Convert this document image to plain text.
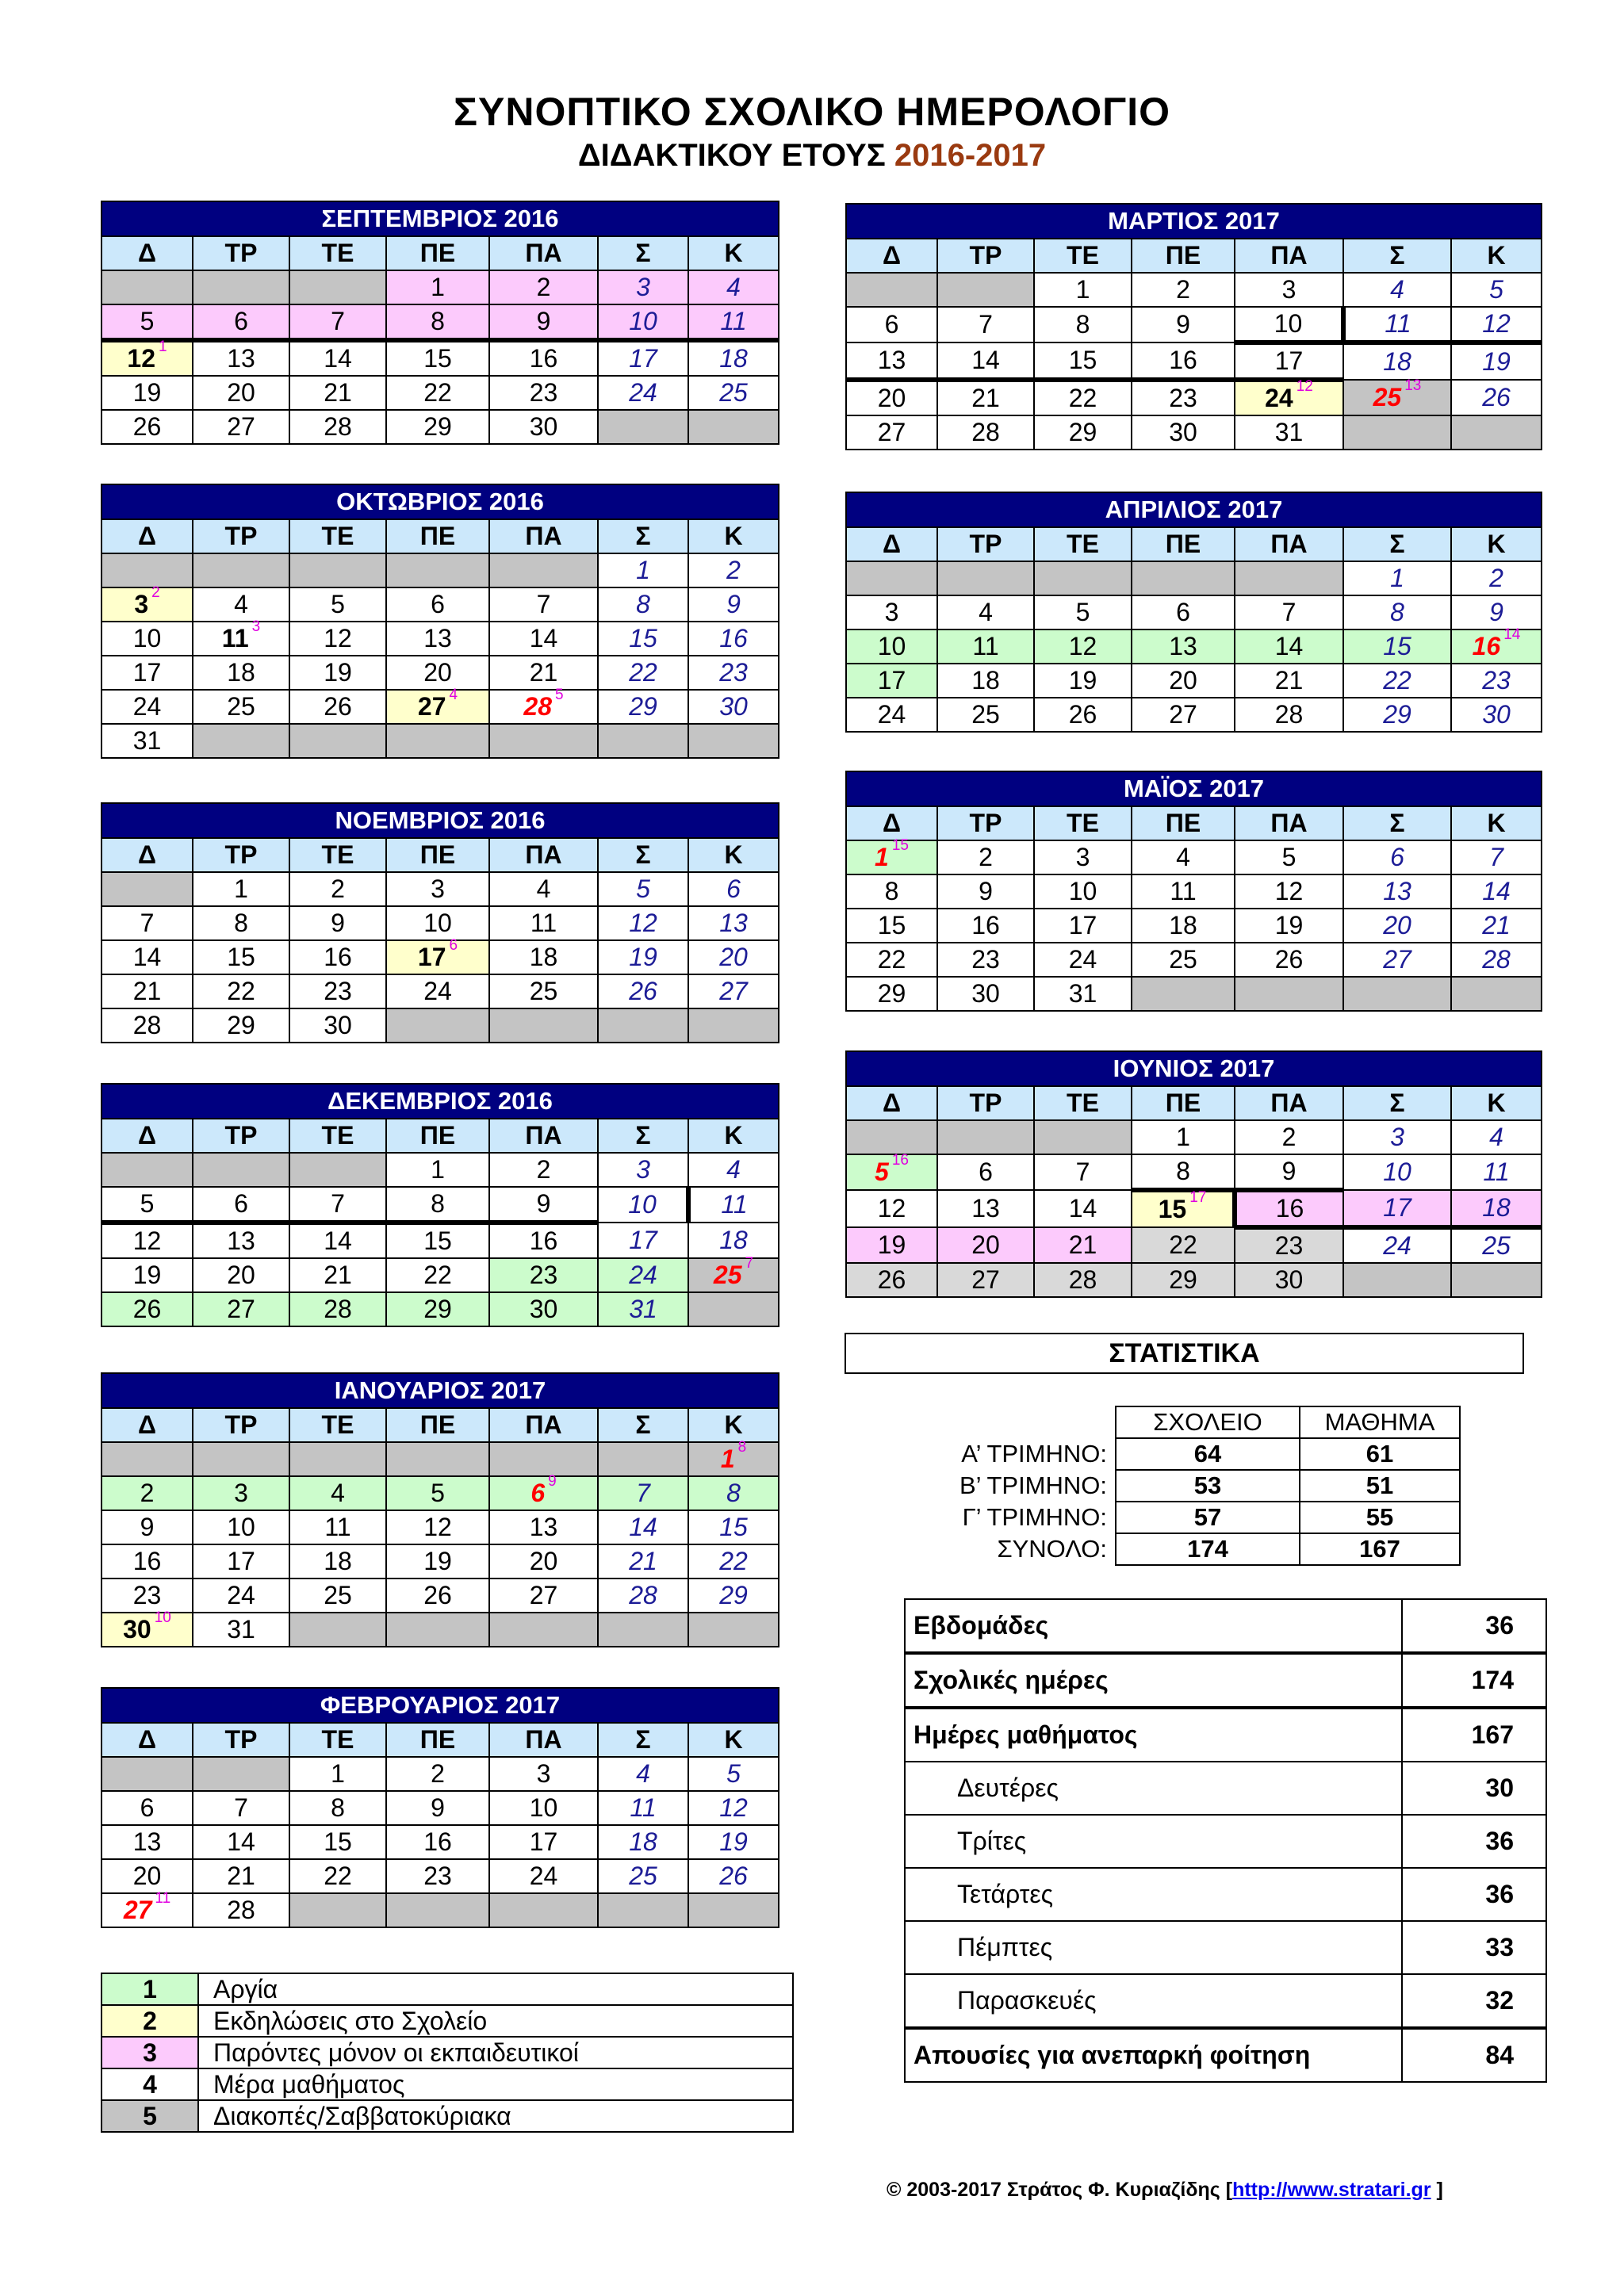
ΣΥΝΟΠΤΙΚΟ ΣΧΟΛΙΚΟ ΗΜΕΡΟΛΟΓΙΟ
ΔΙΔΑΚΤΙΚΟΥ ΕΤΟΥΣ 2016-2017
ΣΕΠΤΕΜΒΡΙΟΣ 2016						
Δ	ΤΡ	ΤΕ	ΠΕ	ΠΑ	Σ	Κ
			1	2	3	4
5	6	7	8	9	10	11
12 $^1$	13	14	15	16	17	18
19	20	21	22	23	24	25
26	27	28	29	30		
ΟΚΤΩΒΡΙΟΣ 2016						
Δ	ΤΡ	ΤΕ	ΠΕ	ΠΑ	Σ	Κ
					1	2
3 $^2$	4	5	6	7	8	9
10	11 $^3$	12	13	14	15	16
17	18	19	20	21	22	23
24	25	26	27 $^4$	28 $^5$	29	30
31						
ΝΟΕΜΒΡΙΟΣ 2016						
Δ	ΤΡ	ΤΕ	ΠΕ	ΠΑ	Σ	Κ
	1	2	3	4	5	6
7	8	9	10	11	12	13
14	15	16	17 $^6$	18	19	20
21	22	23	24	25	26	27
28	29	30				
ΔΕΚΕΜΒΡΙΟΣ 2016						
Δ	ΤΡ	ΤΕ	ΠΕ	ΠΑ	Σ	Κ
			1	2	3	4
5	6	7	8	9	10	11
12	13	14	15	16	17	18
19	20	21	22	23	24	25 $^7$
26	27	28	29	30	31	
ΙΑΝΟΥΑΡΙΟΣ 2017						
Δ	ΤΡ	ΤΕ	ΠΕ	ΠΑ	Σ	Κ
						1 $^8$
2	3	4	5	6 $^9$	7	8
9	10	11	12	13	14	15
16	17	18	19	20	21	22
23	24	25	26	27	28	29
30 $^{10}$	31					
ΦΕΒΡΟΥΑΡΙΟΣ 2017						
Δ	ΤΡ	ΤΕ	ΠΕ	ΠΑ	Σ	Κ
		1	2	3	4	5
6	7	8	9	10	11	12
13	14	15	16	17	18	19
20	21	22	23	24	25	26
27 $^{11}$	28					
ΜΑΡΤΙΟΣ 2017						
Δ	ΤΡ	ΤΕ	ΠΕ	ΠΑ	Σ	Κ
		1	2	3	4	5
6	7	8	9	10	11	12
13	14	15	16	17	18	19
20	21	22	23	24 $^{12}$	25 $^{13}$	26
27	28	29	30	31		
ΑΠΡΙΛΙΟΣ 2017						
Δ	ΤΡ	ΤΕ	ΠΕ	ΠΑ	Σ	Κ
					1	2
3	4	5	6	7	8	9
10	11	12	13	14	15	16 $^{14}$
17	18	19	20	21	22	23
24	25	26	27	28	29	30
ΜΑΪΟΣ 2017						
Δ	ΤΡ	ΤΕ	ΠΕ	ΠΑ	Σ	Κ
1 $^{15}$	2	3	4	5	6	7
8	9	10	11	12	13	14
15	16	17	18	19	20	21
22	23	24	25	26	27	28
29	30	31				
ΙΟΥΝΙΟΣ 2017						
Δ	ΤΡ	ΤΕ	ΠΕ	ΠΑ	Σ	Κ
			1	2	3	4
5 $^{16}$	6	7	8	9	10	11
12	13	14	15 $^{17}$	16	17	18
19	20	21	22	23	24	25
26	27	28	29	30		
1	Αργία
2	Εκδηλώσεις στο Σχολείο
3	Παρόντες μόνον οι εκπαιδευτικοί
4	Μέρα μαθήματος
5	Διακοπές/Σαββατοκύριακα
ΣΤΑΤΙΣΤΙΚΑ
	ΣΧΟΛΕΙΟ	ΜΑΘΗΜΑ
Α’ ΤΡΙΜΗΝΟ:	64	61
Β’ ΤΡΙΜΗΝΟ:	53	51
Γ’ ΤΡΙΜΗΝΟ:	57	55
ΣΥΝΟΛΟ:	174	167
Εβδομάδες	36
Σχολικές ημέρες	174
Ημέρες μαθήματος	167
Δευτέρες	30
Τρίτες	36
Τετάρτες	36
Πέμπτες	33
Παρασκευές	32
Απουσίες για ανεπαρκή φοίτηση	84
© 2003-2017 Στράτος Φ. Κυριαζίδης [http://www.stratari.gr ]
